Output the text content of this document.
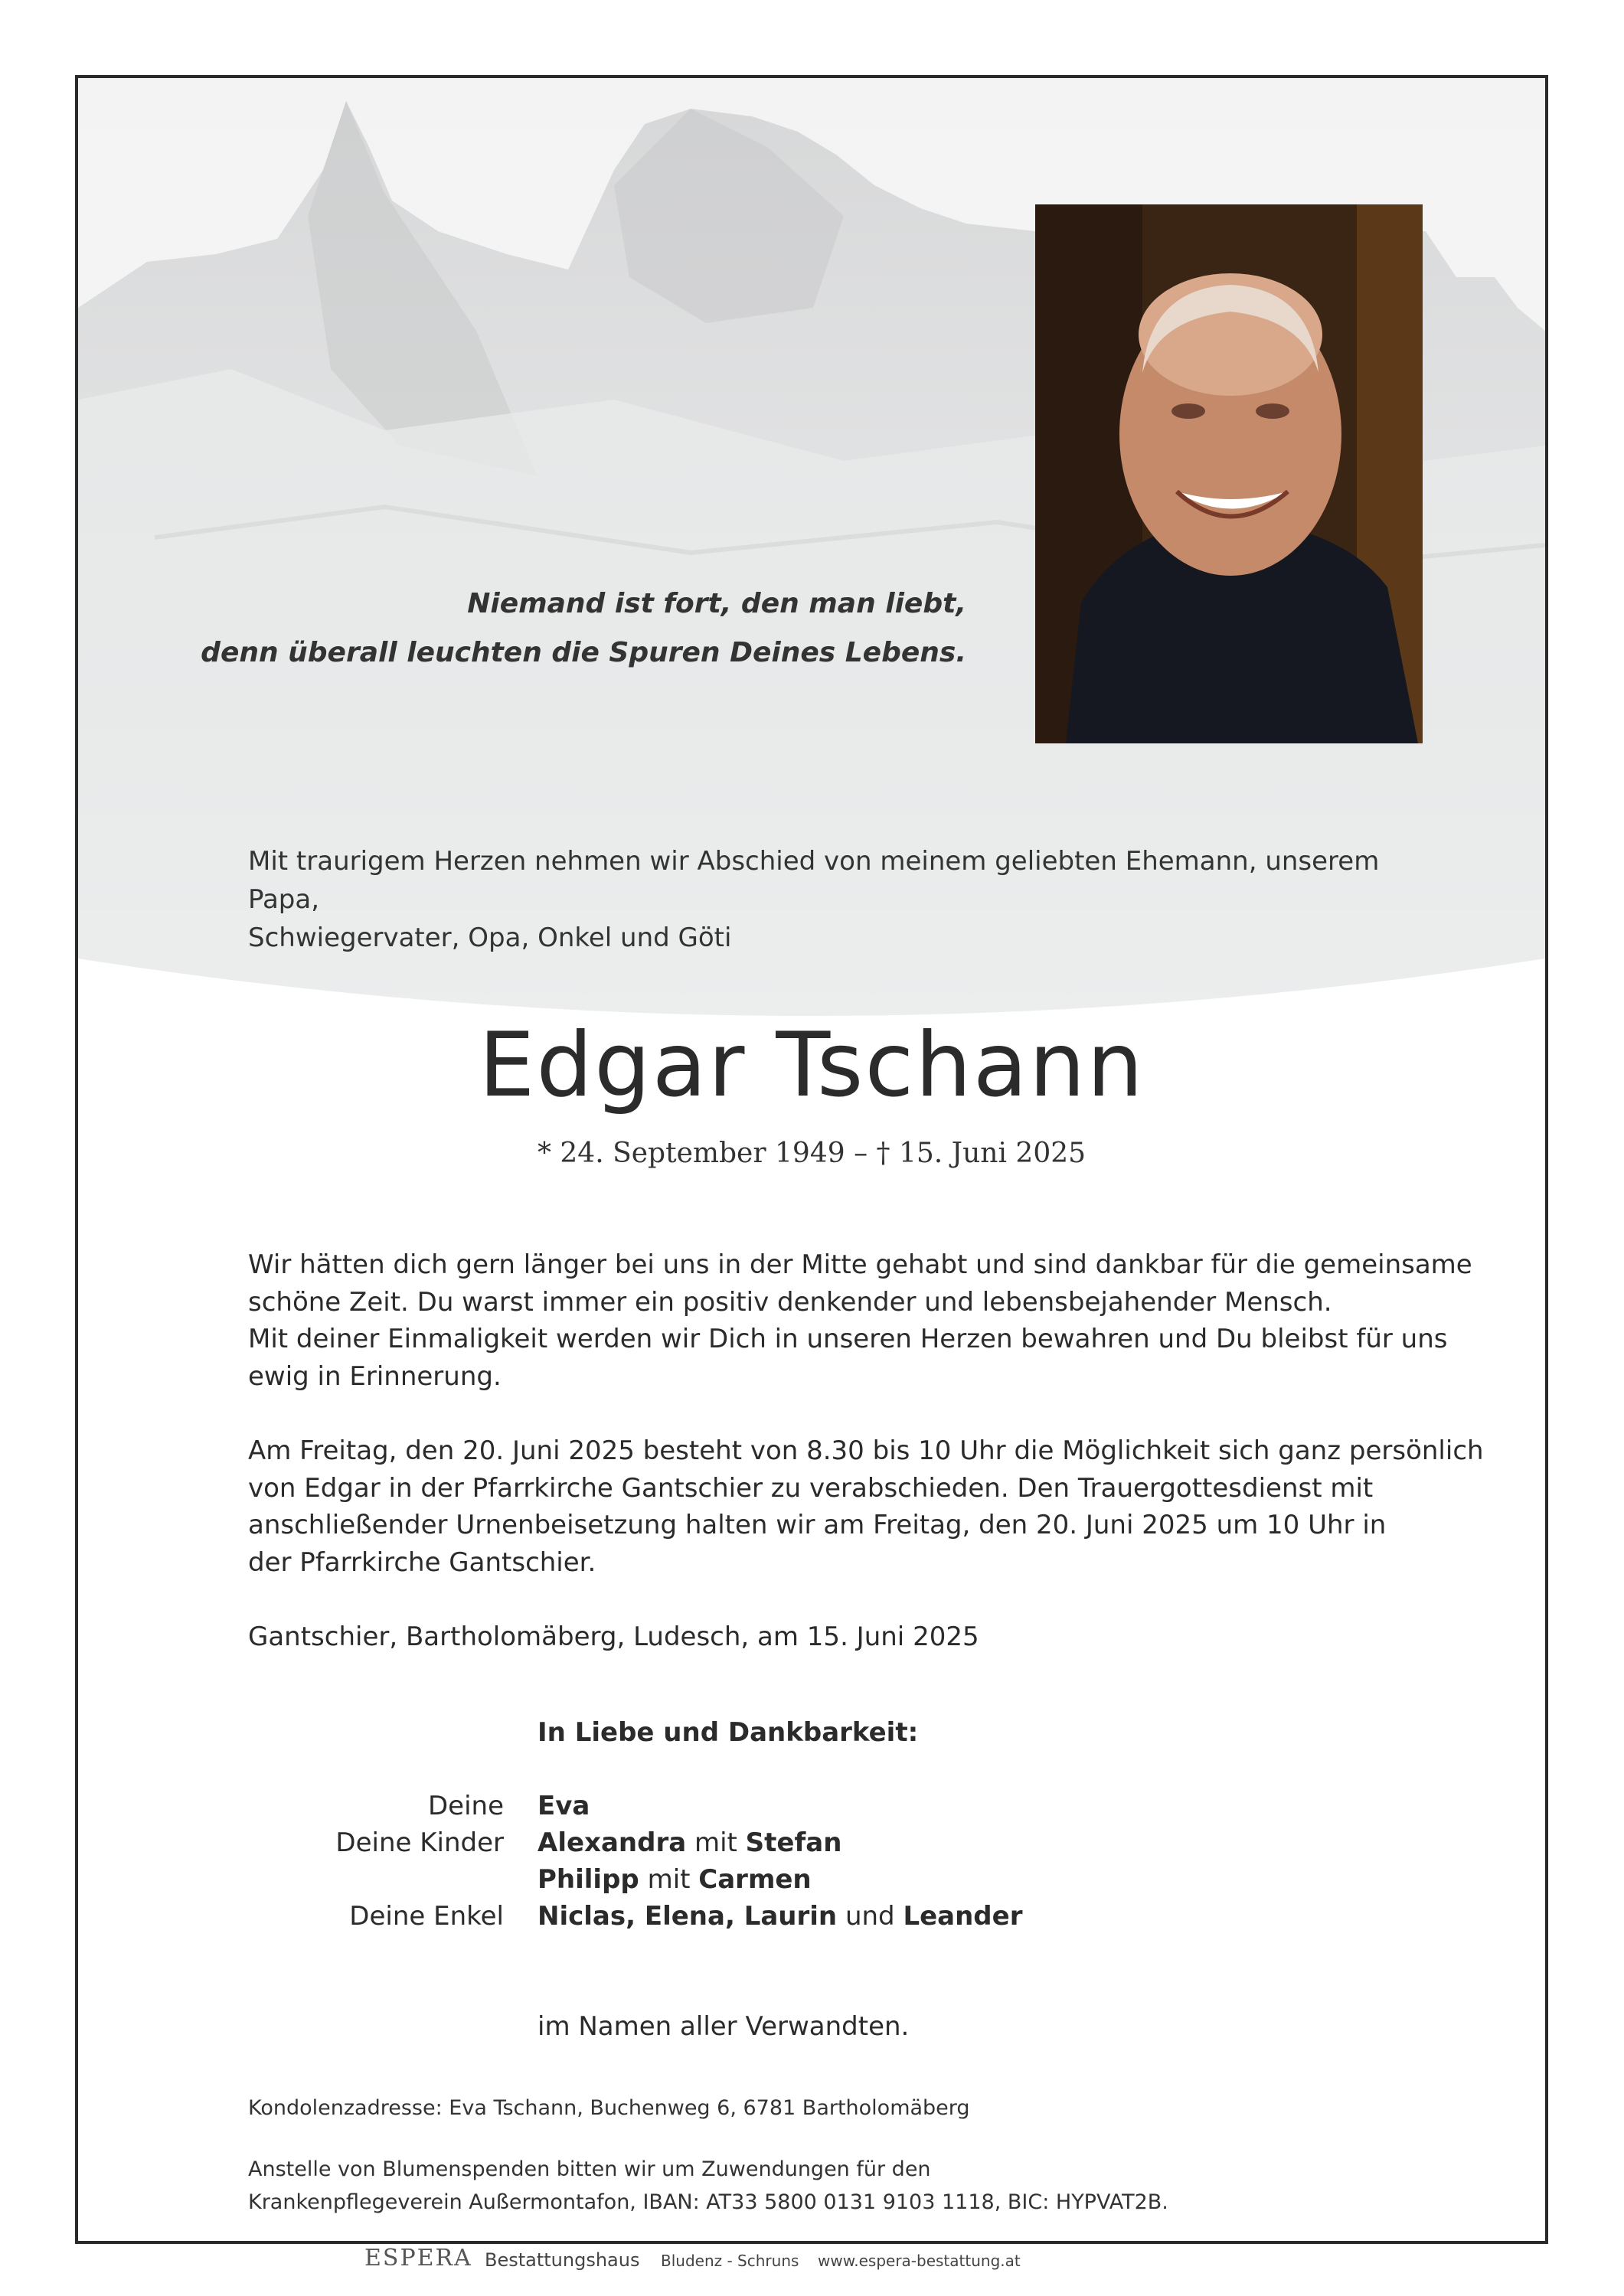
Niemand ist fort, den man liebt,
denn überall leuchten die Spuren Deines Lebens.
Mit traurigem Herzen nehmen wir Abschied von meinem geliebten Ehemann, unserem Papa,
Schwiegervater, Opa, Onkel und Göti
Edgar Tschann
* 24. September 1949 – † 15. Juni 2025

Wir hätten dich gern länger bei uns in der Mitte gehabt und sind dankbar für die gemeinsame
schöne Zeit. Du warst immer ein positiv denkender und lebensbejahender Mensch.
Mit deiner Einmaligkeit werden wir Dich in unseren Herzen bewahren und Du bleibst für uns
ewig in Erinnerung.

Am Freitag, den 20. Juni 2025 besteht von 8.30 bis 10 Uhr die Möglichkeit sich ganz persönlich
von Edgar in der Pfarrkirche Gantschier zu verabschieden. Den Trauergottesdienst mit
anschließender Urnenbeisetzung halten wir am Freitag, den 20. Juni 2025 um 10 Uhr in
der Pfarrkirche Gantschier.

Gantschier, Bartholomäberg, Ludesch, am 15. Juni 2025

In Liebe und Dankbarkeit:
Deine Eva
Deine Kinder Alexandra mit Stefan
Philipp mit Carmen
Deine Enkel Niclas, Elena, Laurin und Leander
im Namen aller Verwandten.
Kondolenzadresse: Eva Tschann, Buchenweg 6, 6781 Bartholomäberg
Anstelle von Blumenspenden bitten wir um Zuwendungen für den
Krankenpflegeverein Außermontafon, IBAN: AT33 5800 0131 9103 1118, BIC: HYPVAT2B.
ESPERA Bestattungshaus Bludenz - Schruns www.espera-bestattung.at
